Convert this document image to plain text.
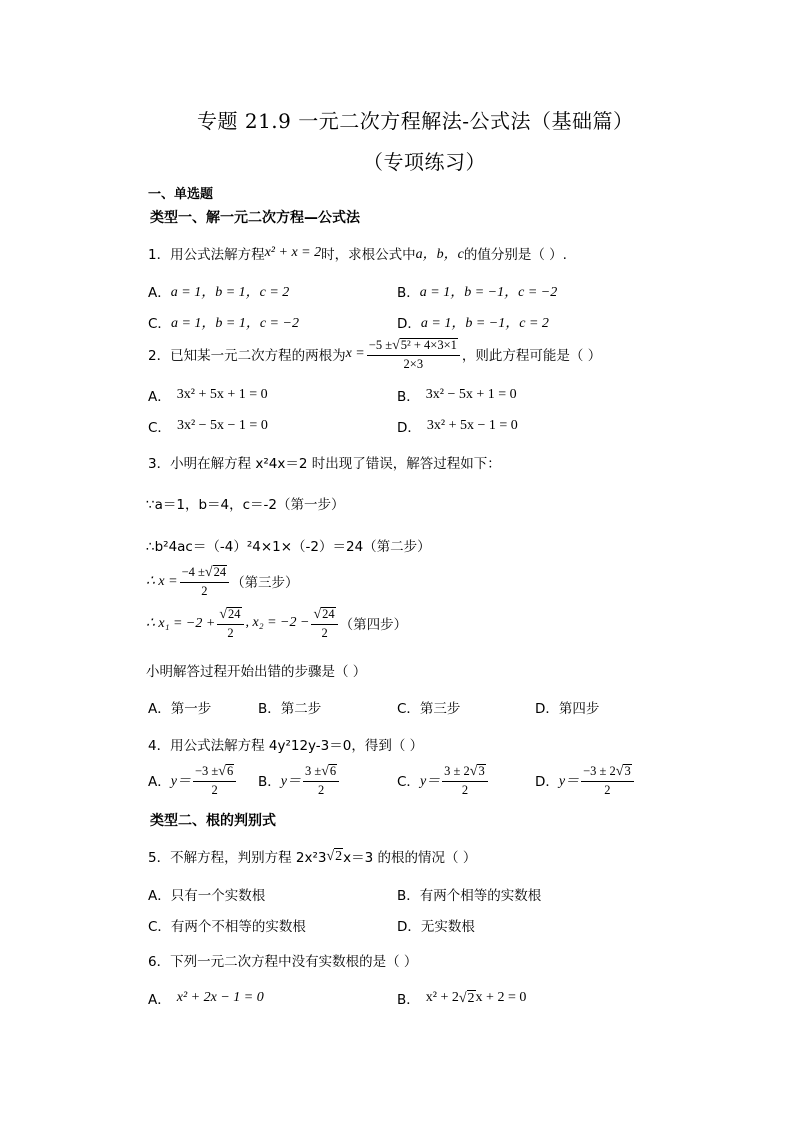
专题 21.9 一元二次方程解法-公式法（基础篇）
（专项练习）
一、单选题
类型一、解一元二次方程—公式法
1．用公式法解方程 x² + x = 2 时，求根公式中 a，b，c 的值分别是（ ）.
A． a = 1，b = 1，c = 2	B． a = 1，b = −1，c = −2
C． a = 1，b = 1，c = −2	D． a = 1，b = −1，c = 2
2．已知某一元二次方程的两根为 $x = \frac{\text{−5 ± √ 5² + 4×3×1}}{2\times 3}$ ，则此方程可能是（ ）
A． 3x² + 5x + 1 = 0	B． 3x² − 5x + 1 = 0
C． 3x² − 5x − 1 = 0	D． 3x² + 5x − 1 = 0
3．小明在解方程 x²4x＝2 时出现了错误，解答过程如下：
∵a＝1，b＝4，c＝-2（第一步）
∴b²4ac＝（-4）²4×1×（-2）＝24（第二步）
∴ $x = \frac{-4 \pm √ 24}{2}$ （第三步）
∴ $x_1 = -2 + \frac{√ 24}{2}$ , $x_2 = -2 - \frac{√ 24}{2}$ （第四步）
小明解答过程开始出错的步骤是（ ）
A．第一步	B．第二步	C．第三步	D．第四步
4．用公式法解方程 4y²12y-3＝0，得到（ ）
A． $y= \frac{-3 \pm √ 6}{2}$ B． $y= \frac{3 \pm √ 6}{2}$	C． $y= \frac{3 \pm 2 √ 3}{2}$	D． $y= \frac{-3 \pm 2 √ 3}{2}$
类型二、根的判别式
5．不解方程，判别方程 2x²3 √ 2 x＝3 的根的情况（ ）
A．只有一个实数根	B．有两个相等的实数根
C．有两个不相等的实数根	D．无实数根
6．下列一元二次方程中没有实数根的是（ ）
A． x² + 2x − 1 = 0	B． x² + 2 √ 2 x + 2 = 0
